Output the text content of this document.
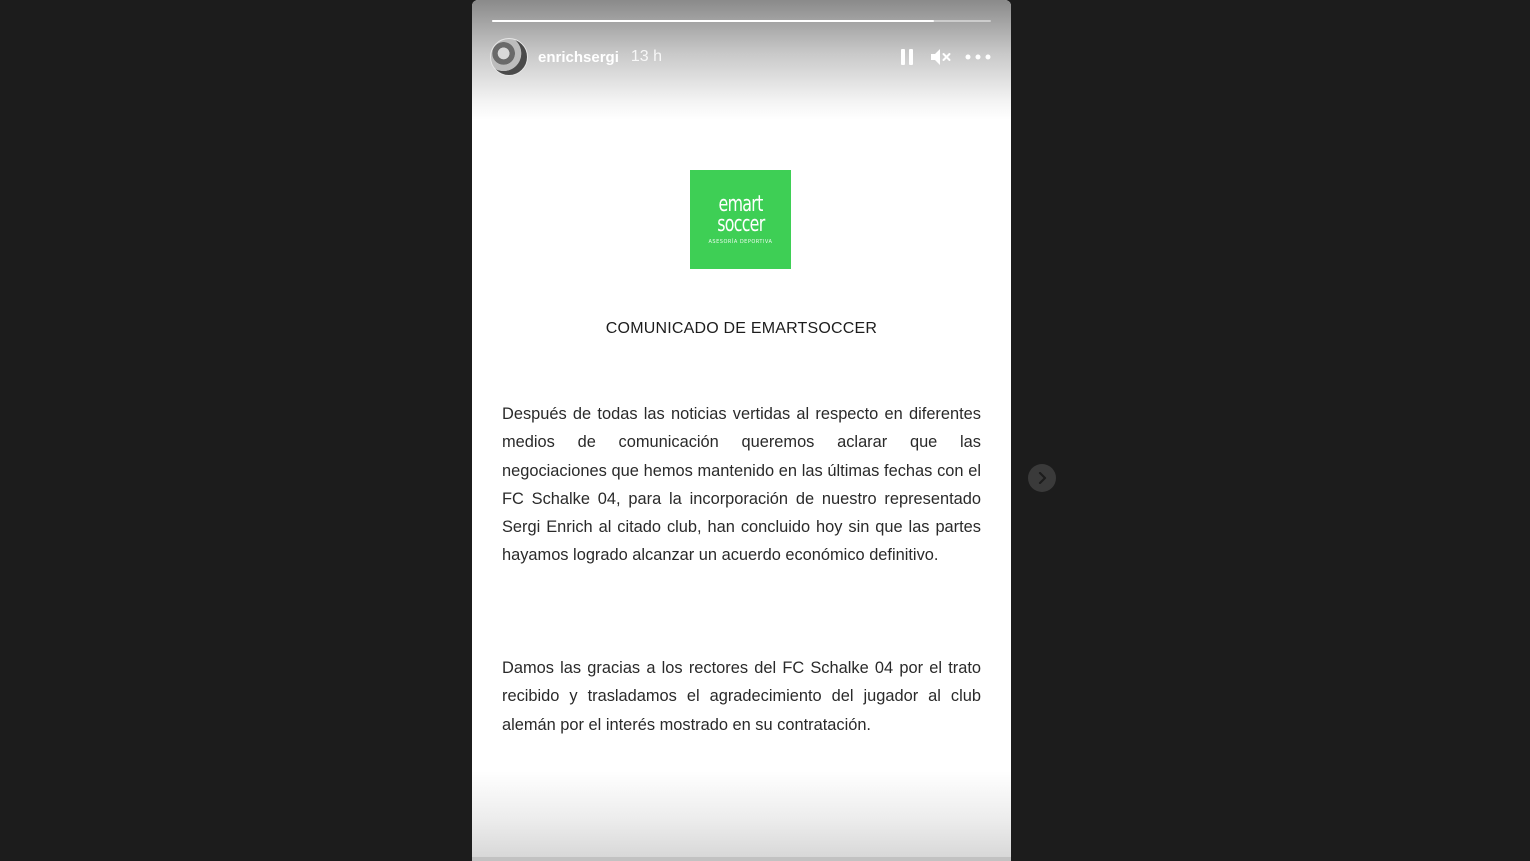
emart
soccer
ASESORÍA DEPORTIVA
COMUNICADO DE EMARTSOCCER
Después de todas las noticias vertidas al respecto en diferentes medios de comunicación queremos aclarar que las negociaciones que hemos mantenido en las últimas fechas con el FC Schalke 04, para la incorporación de nuestro representado Sergi Enrich al citado club, han concluido hoy sin que las partes hayamos logrado alcanzar un acuerdo económico definitivo.
Damos las gracias a los rectores del FC Schalke 04 por el trato recibido y trasladamos el agradecimiento del jugador al club alemán por el interés mostrado en su contratación.
enrichsergi 13 h
